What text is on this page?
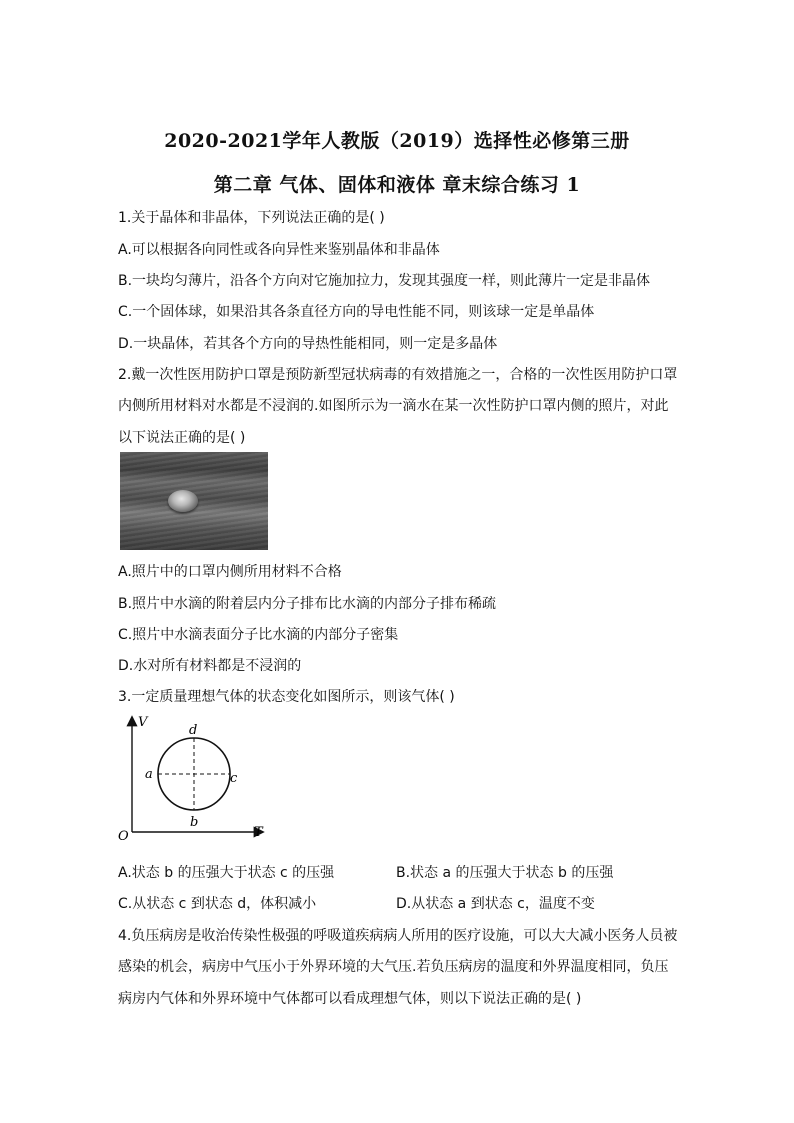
2020-2021学年人教版（2019）选择性必修第三册
第二章 气体、固体和液体 章末综合练习 1
1.关于晶体和非晶体，下列说法正确的是( )
A.可以根据各向同性或各向异性来鉴别晶体和非晶体
B.一块均匀薄片，沿各个方向对它施加拉力，发现其强度一样，则此薄片一定是非晶体
C.一个固体球，如果沿其各条直径方向的导电性能不同，则该球一定是单晶体
D.一块晶体，若其各个方向的导热性能相同，则一定是多晶体
2.戴一次性医用防护口罩是预防新型冠状病毒的有效措施之一，合格的一次性医用防护口罩
内侧所用材料对水都是不浸润的.如图所示为一滴水在某一次性防护口罩内侧的照片，对此
以下说法正确的是( )
A.照片中的口罩内侧所用材料不合格
B.照片中水滴的附着层内分子排布比水滴的内部分子排布稀疏
C.照片中水滴表面分子比水滴的内部分子密集
D.水对所有材料都是不浸润的
3.一定质量理想气体的状态变化如图所示，则该气体( )
V
T
O
a
b
c
d
A.状态 b 的压强大于状态 c 的压强	B.状态 a 的压强大于状态 b 的压强
C.从状态 c 到状态 d，体积减小	D.从状态 a 到状态 c，温度不变
4.负压病房是收治传染性极强的呼吸道疾病病人所用的医疗设施，可以大大减小医务人员被
感染的机会，病房中气压小于外界环境的大气压.若负压病房的温度和外界温度相同，负压
病房内气体和外界环境中气体都可以看成理想气体，则以下说法正确的是( )
